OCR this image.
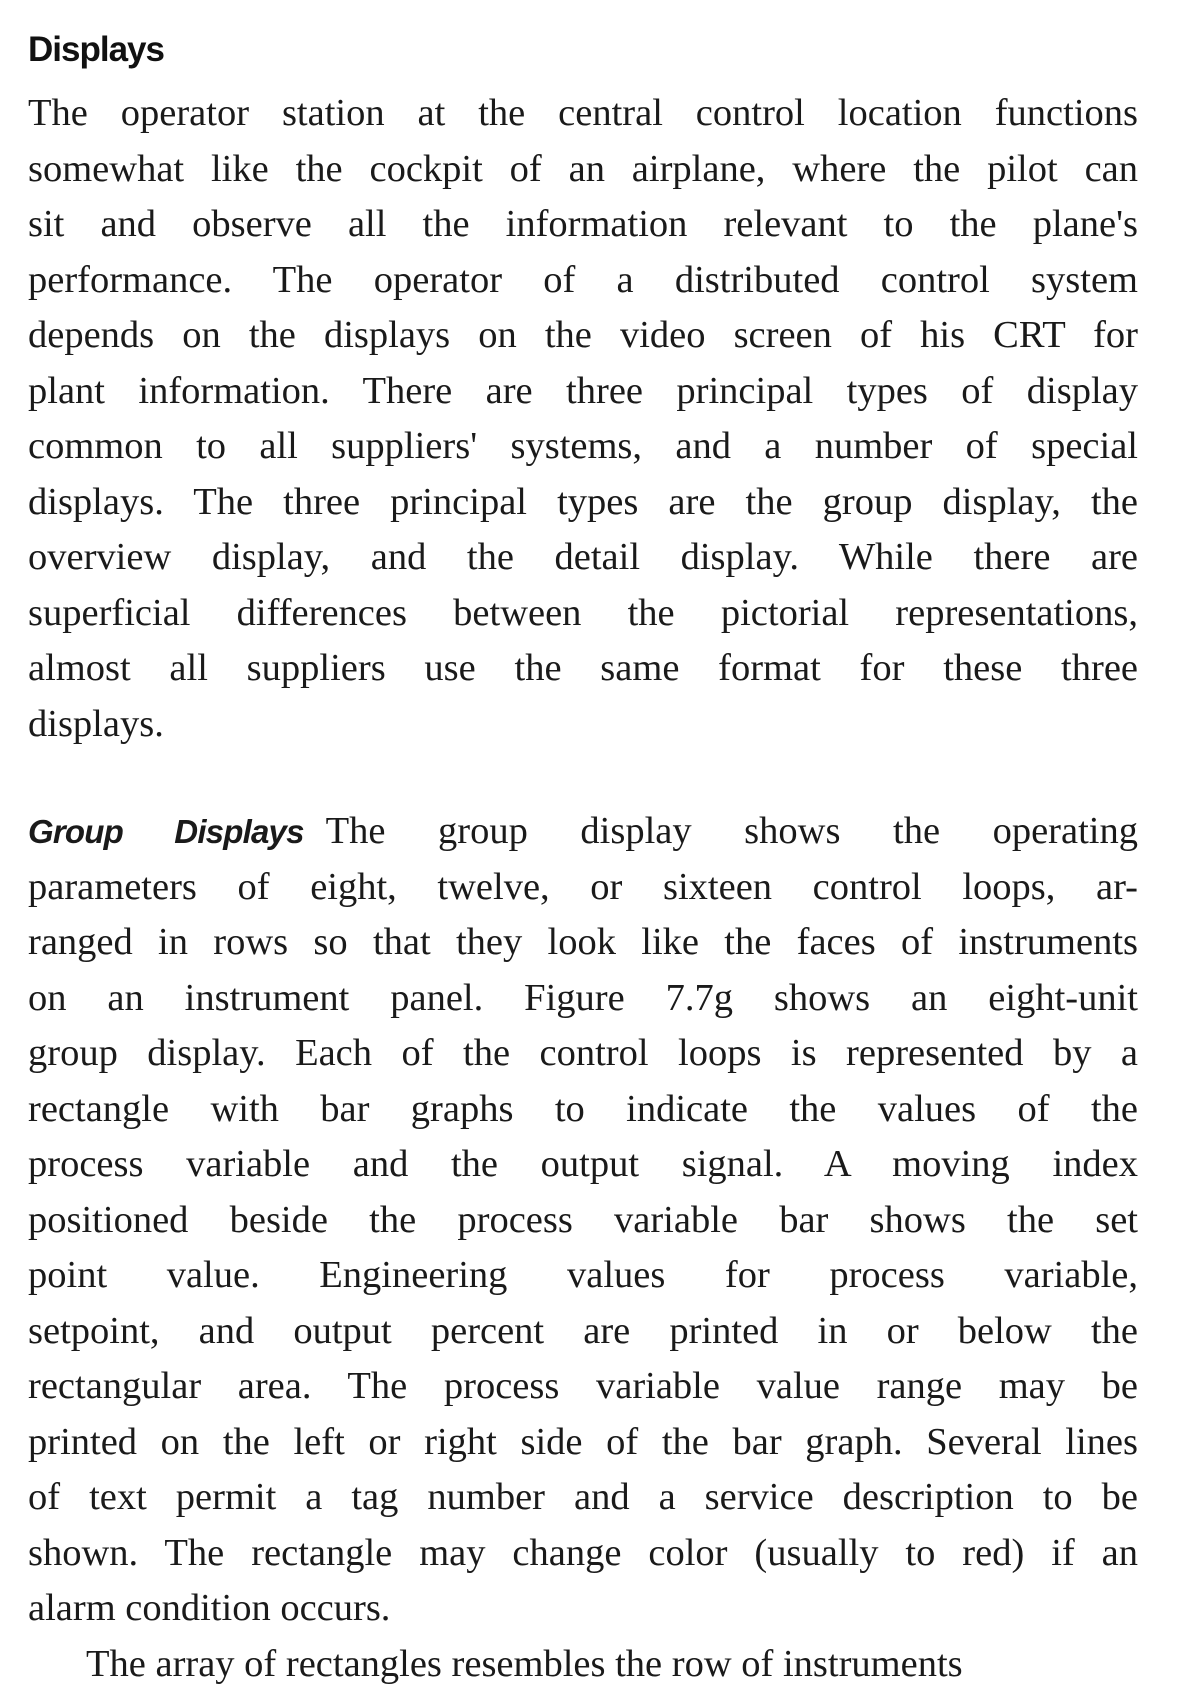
Displays
The operator station at the central control location functions
somewhat like the cockpit of an airplane, where the pilot can
sit and observe all the information relevant to the plane's
performance. The operator of a distributed control system
depends on the displays on the video screen of his CRT for
plant information. There are three principal types of display
common to all suppliers' systems, and a number of special
displays. The three principal types are the group display, the
overview display, and the detail display. While there are
superficial differences between the pictorial representations,
almost all suppliers use the same format for these three
displays.
Group Displays The group display shows the operating
parameters of eight, twelve, or sixteen control loops, ar-
ranged in rows so that they look like the faces of instruments
on an instrument panel. Figure 7.7g shows an eight-unit
group display. Each of the control loops is represented by a
rectangle with bar graphs to indicate the values of the
process variable and the output signal. A moving index
positioned beside the process variable bar shows the set
point value. Engineering values for process variable,
setpoint, and output percent are printed in or below the
rectangular area. The process variable value range may be
printed on the left or right side of the bar graph. Several lines
of text permit a tag number and a service description to be
shown. The rectangle may change color (usually to red) if an
alarm condition occurs.
The array of rectangles resembles the row of instruments
